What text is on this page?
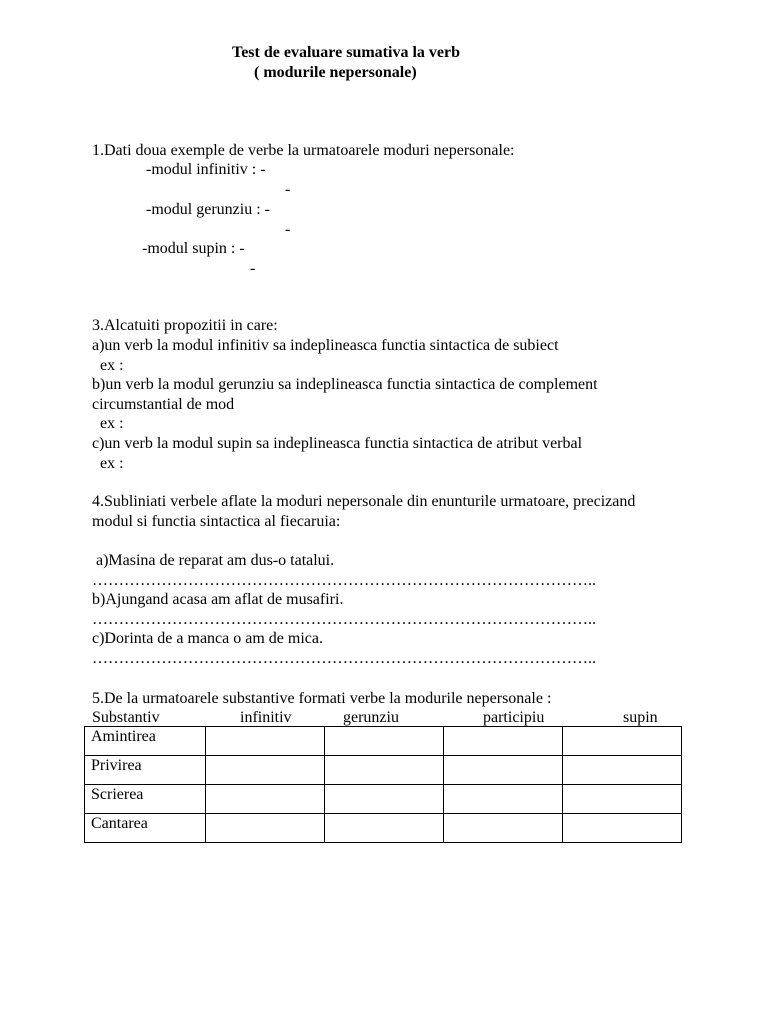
Test de evaluare sumativa la verb
( modurile nepersonale)
1.Dati doua exemple de verbe la urmatoarele moduri nepersonale:
-modul infinitiv : -
-
-modul gerunziu : -
-
-modul supin : -
-
3.Alcatuiti propozitii in care:
a)un verb la modul infinitiv sa indeplineasca functia sintactica de subiect
ex :
b)un verb la modul gerunziu sa indeplineasca functia sintactica de complement
circumstantial de mod
ex :
c)un verb la modul supin sa indeplineasca functia sintactica de atribut verbal
ex :
4.Subliniati verbele aflate la moduri nepersonale din enunturile urmatoare, precizand
modul si functia sintactica al fiecaruia:
a)Masina de reparat am dus-o tatalui.
…………………………………………………………………………………..
b)Ajungand acasa am aflat de musafiri.
…………………………………………………………………………………..
c)Dorinta de a manca o am de mica.
…………………………………………………………………………………..
5.De la urmatoarele substantive formati verbe la modurile nepersonale :
Substantiv	infinitiv	gerunziu	participiu	supin
Amintirea				
Privirea				
Scrierea				
Cantarea				
